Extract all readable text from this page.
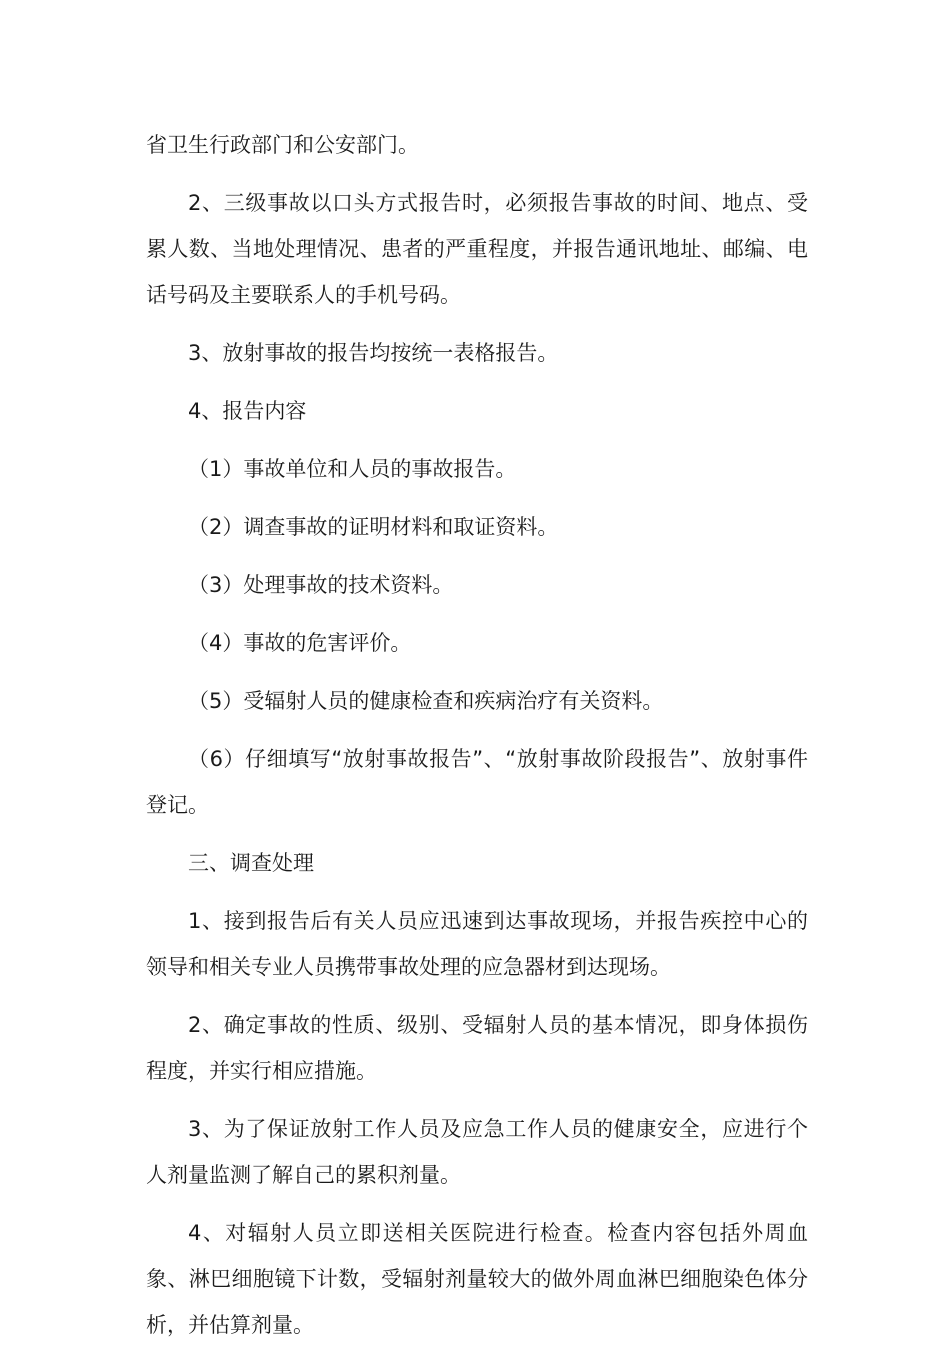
省卫生行政部门和公安部门。

2、三级事故以口头方式报告时，必须报告事故的时间、地点、受累人数、当地处理情况、患者的严重程度，并报告通讯地址、邮编、电话号码及主要联系人的手机号码。

3、放射事故的报告均按统一表格报告。

4、报告内容

（1）事故单位和人员的事故报告。

（2）调查事故的证明材料和取证资料。

（3）处理事故的技术资料。

（4）事故的危害评价。

（5）受辐射人员的健康检查和疾病治疗有关资料。

（6）仔细填写“放射事故报告”、“放射事故阶段报告”、放射事件登记。

三、调查处理

1、接到报告后有关人员应迅速到达事故现场，并报告疾控中心的领导和相关专业人员携带事故处理的应急器材到达现场。

2、确定事故的性质、级别、受辐射人员的基本情况，即身体损伤程度，并实行相应措施。

3、为了保证放射工作人员及应急工作人员的健康安全，应进行个人剂量监测了解自己的累积剂量。

4、对辐射人员立即送相关医院进行检查。检查内容包括外周血象、淋巴细胞镜下计数，受辐射剂量较大的做外周血淋巴细胞染色体分析，并估算剂量。
